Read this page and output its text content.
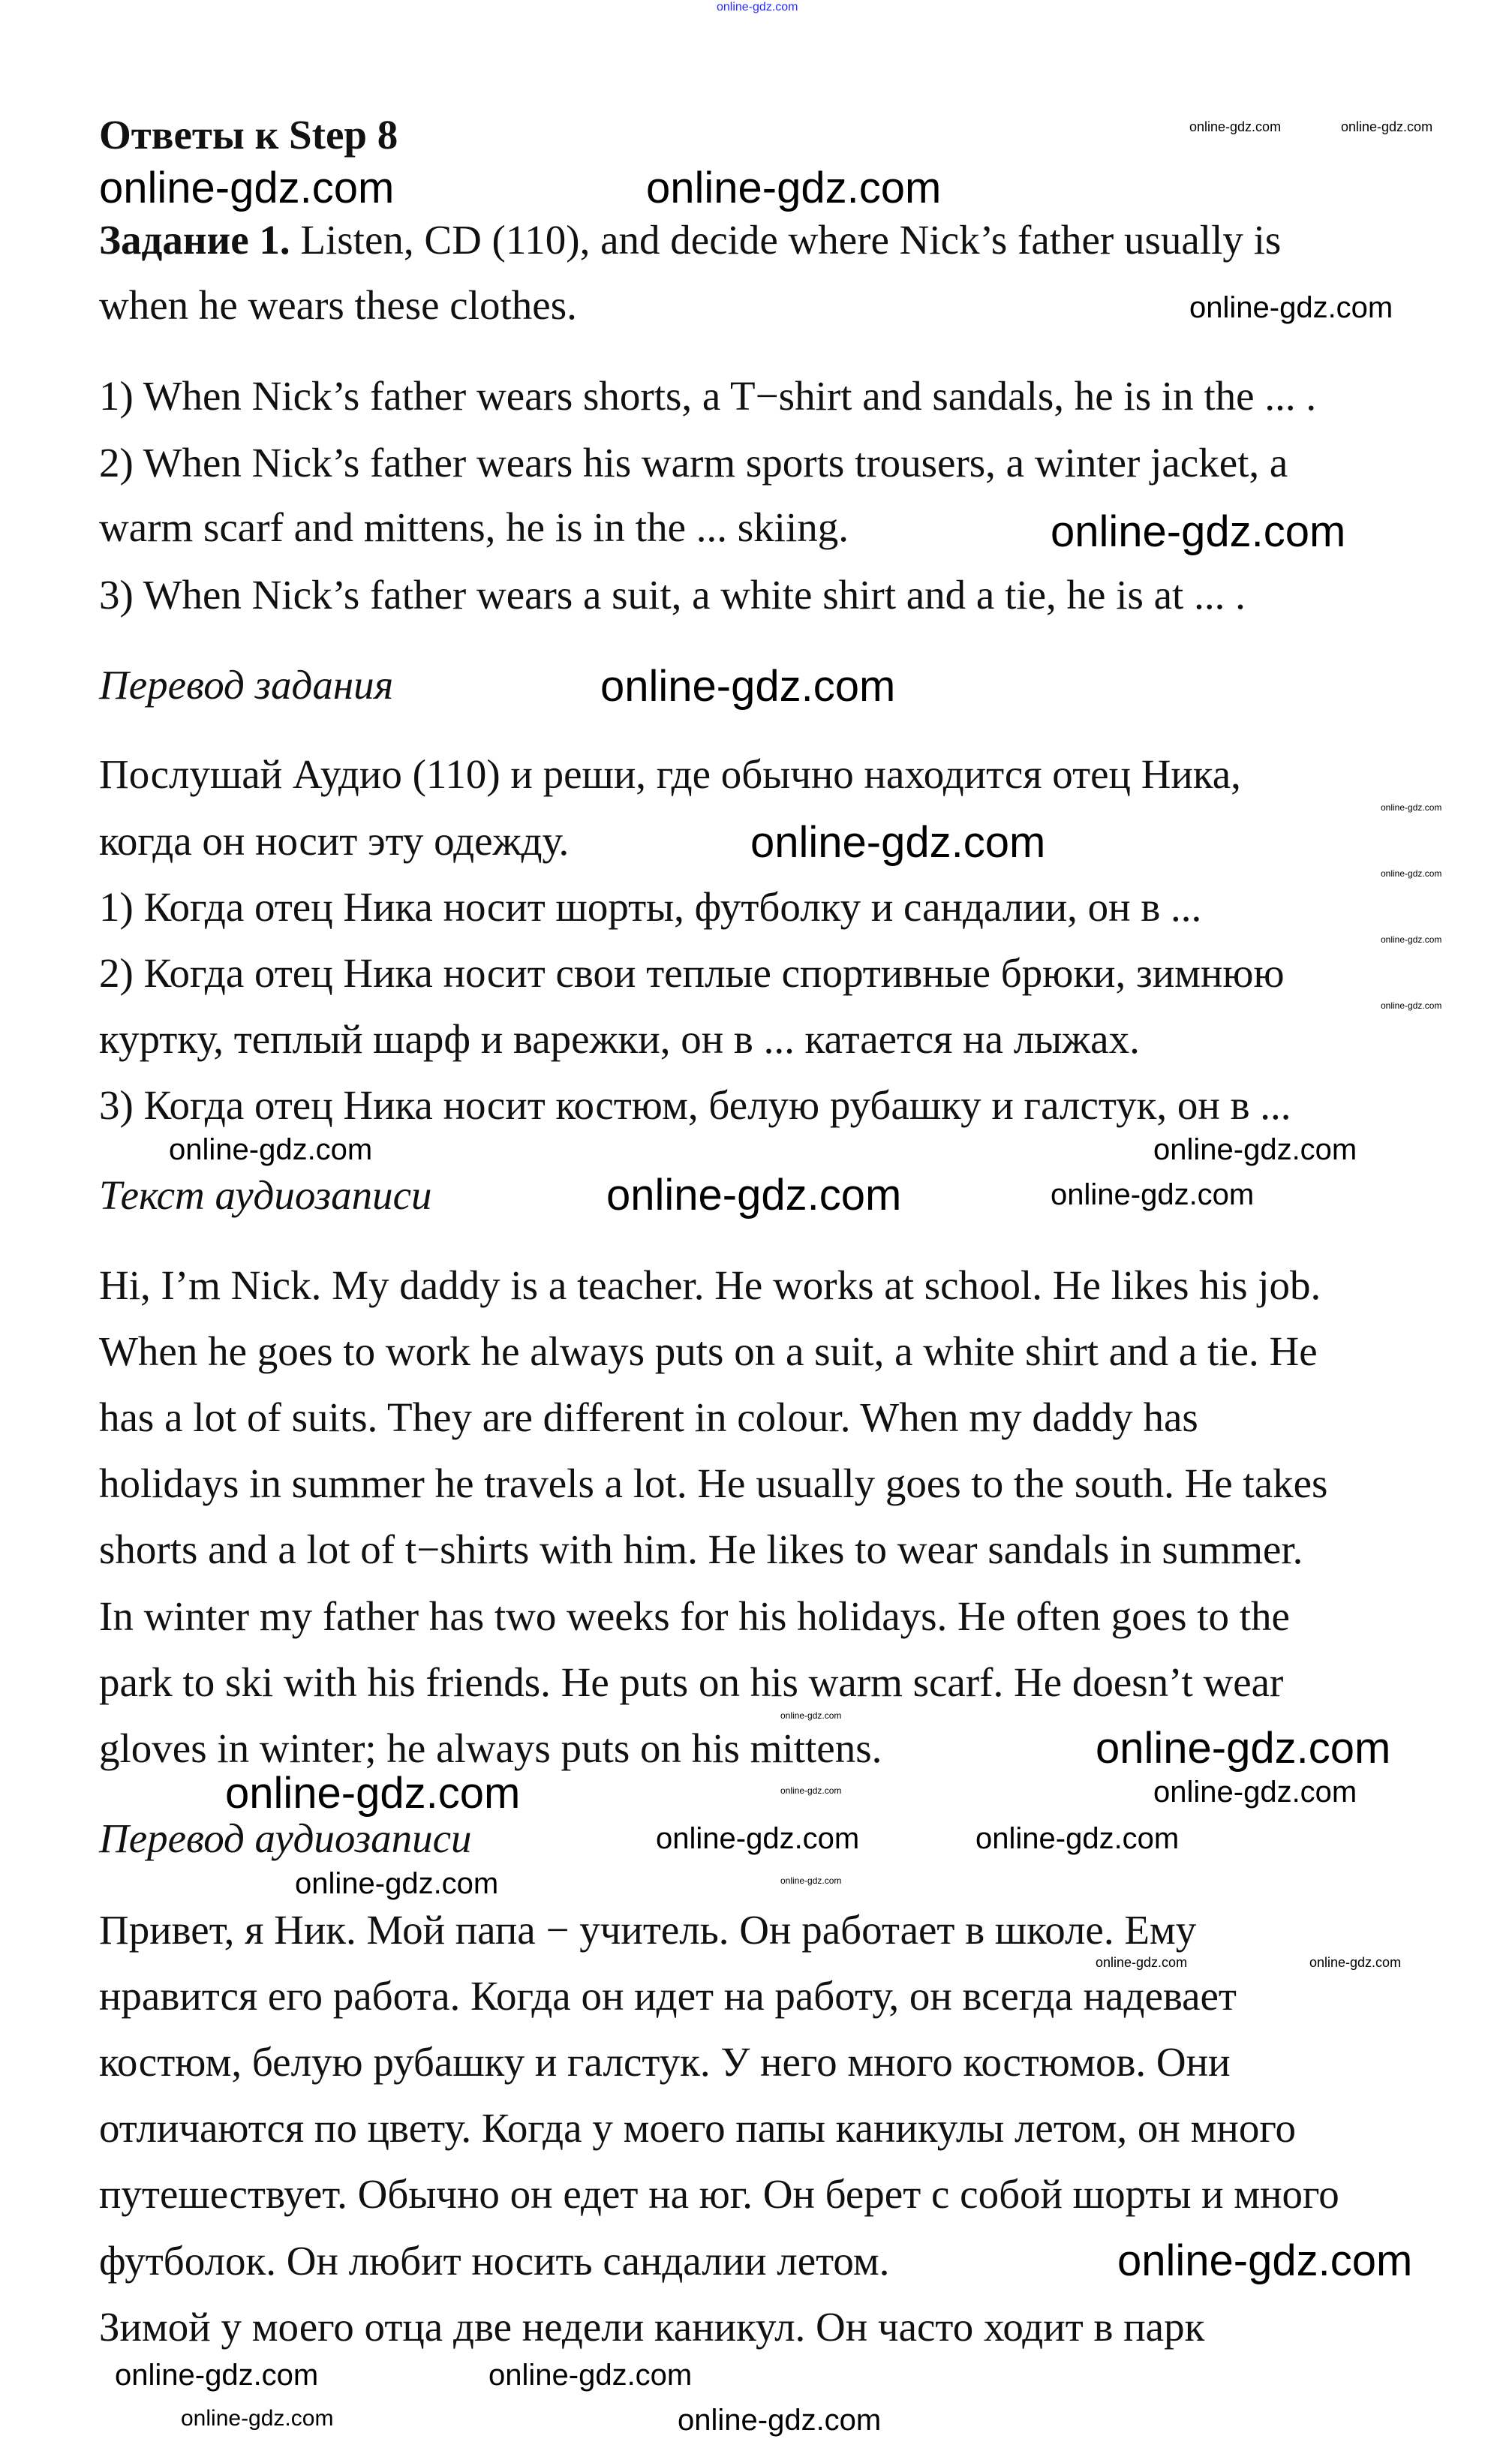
Ответы к Step 8
Задание 1. Listen, CD (110), and decide where Nick’s father usually is
when he wears these clothes.
1) When Nick’s father wears shorts, a T−shirt and sandals, he is in the ... .
2) When Nick’s father wears his warm sports trousers, a winter jacket, a
warm scarf and mittens, he is in the ... skiing.
3) When Nick’s father wears a suit, a white shirt and a tie, he is at ... .
Перевод задания
Послушай Аудио (110) и реши, где обычно находится отец Ника,
когда он носит эту одежду.
1) Когда отец Ника носит шорты, футболку и сандалии, он в ...
2) Когда отец Ника носит свои теплые спортивные брюки, зимнюю
куртку, теплый шарф и варежки, он в ... катается на лыжах.
3) Когда отец Ника носит костюм, белую рубашку и галстук, он в ...
Текст аудиозаписи
Hi, I’m Nick. My daddy is a teacher. He works at school. He likes his job.
When he goes to work he always puts on a suit, a white shirt and a tie. He
has a lot of suits. They are different in colour. When my daddy has
holidays in summer he travels a lot. He usually goes to the south. He takes
shorts and a lot of t−shirts with him. He likes to wear sandals in summer.
In winter my father has two weeks for his holidays. He often goes to the
park to ski with his friends. He puts on his warm scarf. He doesn’t wear
gloves in winter; he always puts on his mittens.
Перевод аудиозаписи
Привет, я Ник. Мой папа − учитель. Он работает в школе. Ему
нравится его работа. Когда он идет на работу, он всегда надевает
костюм, белую рубашку и галстук. У него много костюмов. Они
отличаются по цвету. Когда у моего папы каникулы летом, он много
путешествует. Обычно он едет на юг. Он берет с собой шорты и много
футболок. Он любит носить сандалии летом.
Зимой у моего отца две недели каникул. Он часто ходит в парк
online-gdz.com
online-gdz.com	online-gdz.com
online-gdz.com
online-gdz.com
online-gdz.com
online-gdz.com
online-gdz.com
online-gdz.com
online-gdz.com
online-gdz.com
online-gdz.com
online-gdz.com
online-gdz.com	online-gdz.com
online-gdz.com	online-gdz.com
online-gdz.com
online-gdz.com
online-gdz.com
online-gdz.com
online-gdz.com
online-gdz.com
online-gdz.com
online-gdz.com
online-gdz.com	online-gdz.com
online-gdz.com
online-gdz.com
online-gdz.com
online-gdz.com
online-gdz.com
online-gdz.com
